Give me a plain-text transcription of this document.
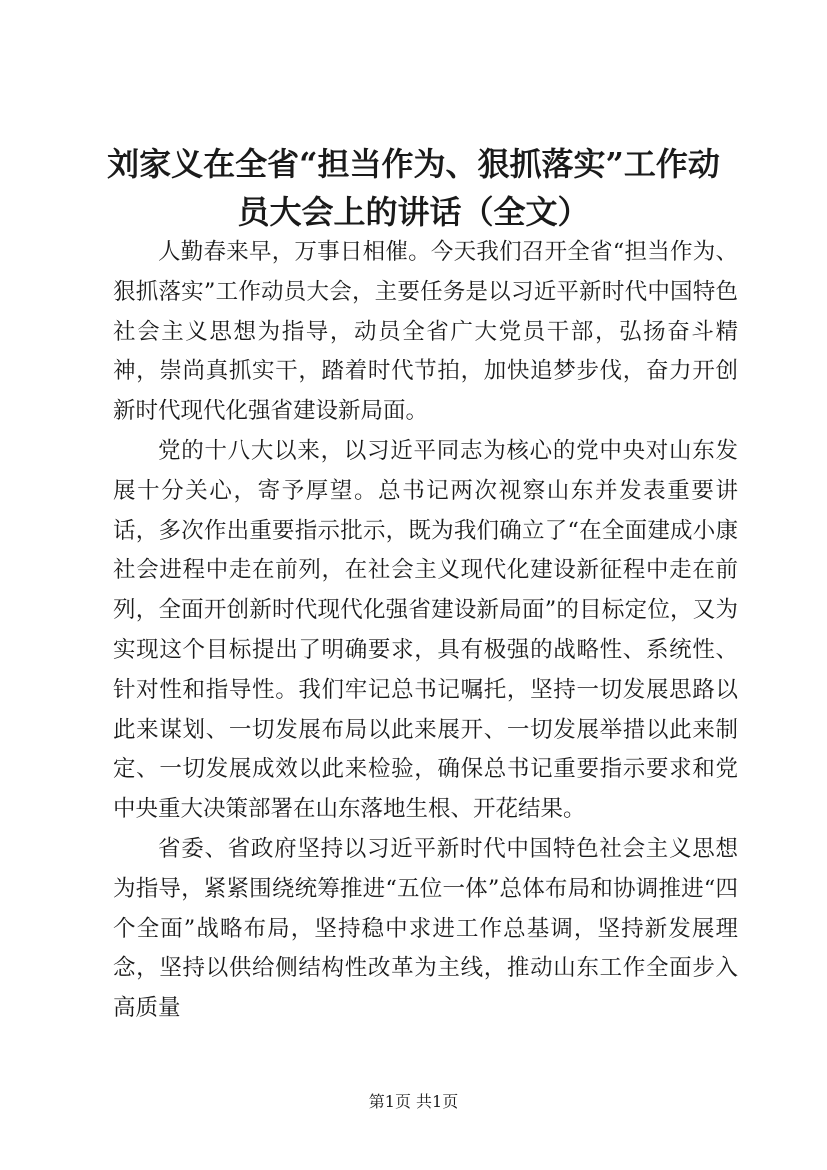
刘家义在全省“担当作为、狠抓落实”工作动
员大会上的讲话（全文）

人勤春来早，万事日相催。今天我们召开全省“担当作为、狠抓落实”工作动员大会，主要任务是以习近平新时代中国特色社会主义思想为指导，动员全省广大党员干部，弘扬奋斗精神，崇尚真抓实干，踏着时代节拍，加快追梦步伐，奋力开创新时代现代化强省建设新局面。

党的十八大以来，以习近平同志为核心的党中央对山东发展十分关心，寄予厚望。总书记两次视察山东并发表重要讲话，多次作出重要指示批示，既为我们确立了“在全面建成小康社会进程中走在前列，在社会主义现代化建设新征程中走在前列，全面开创新时代现代化强省建设新局面”的目标定位，又为实现这个目标提出了明确要求，具有极强的战略性、系统性、针对性和指导性。我们牢记总书记嘱托，坚持一切发展思路以此来谋划、一切发展布局以此来展开、一切发展举措以此来制定、一切发展成效以此来检验，确保总书记重要指示要求和党中央重大决策部署在山东落地生根、开花结果。

省委、省政府坚持以习近平新时代中国特色社会主义思想为指导，紧紧围绕统筹推进“五位一体”总体布局和协调推进“四个全面”战略布局，坚持稳中求进工作总基调，坚持新发展理念，坚持以供给侧结构性改革为主线，推动山东工作全面步入高质量

第1页 共1页
